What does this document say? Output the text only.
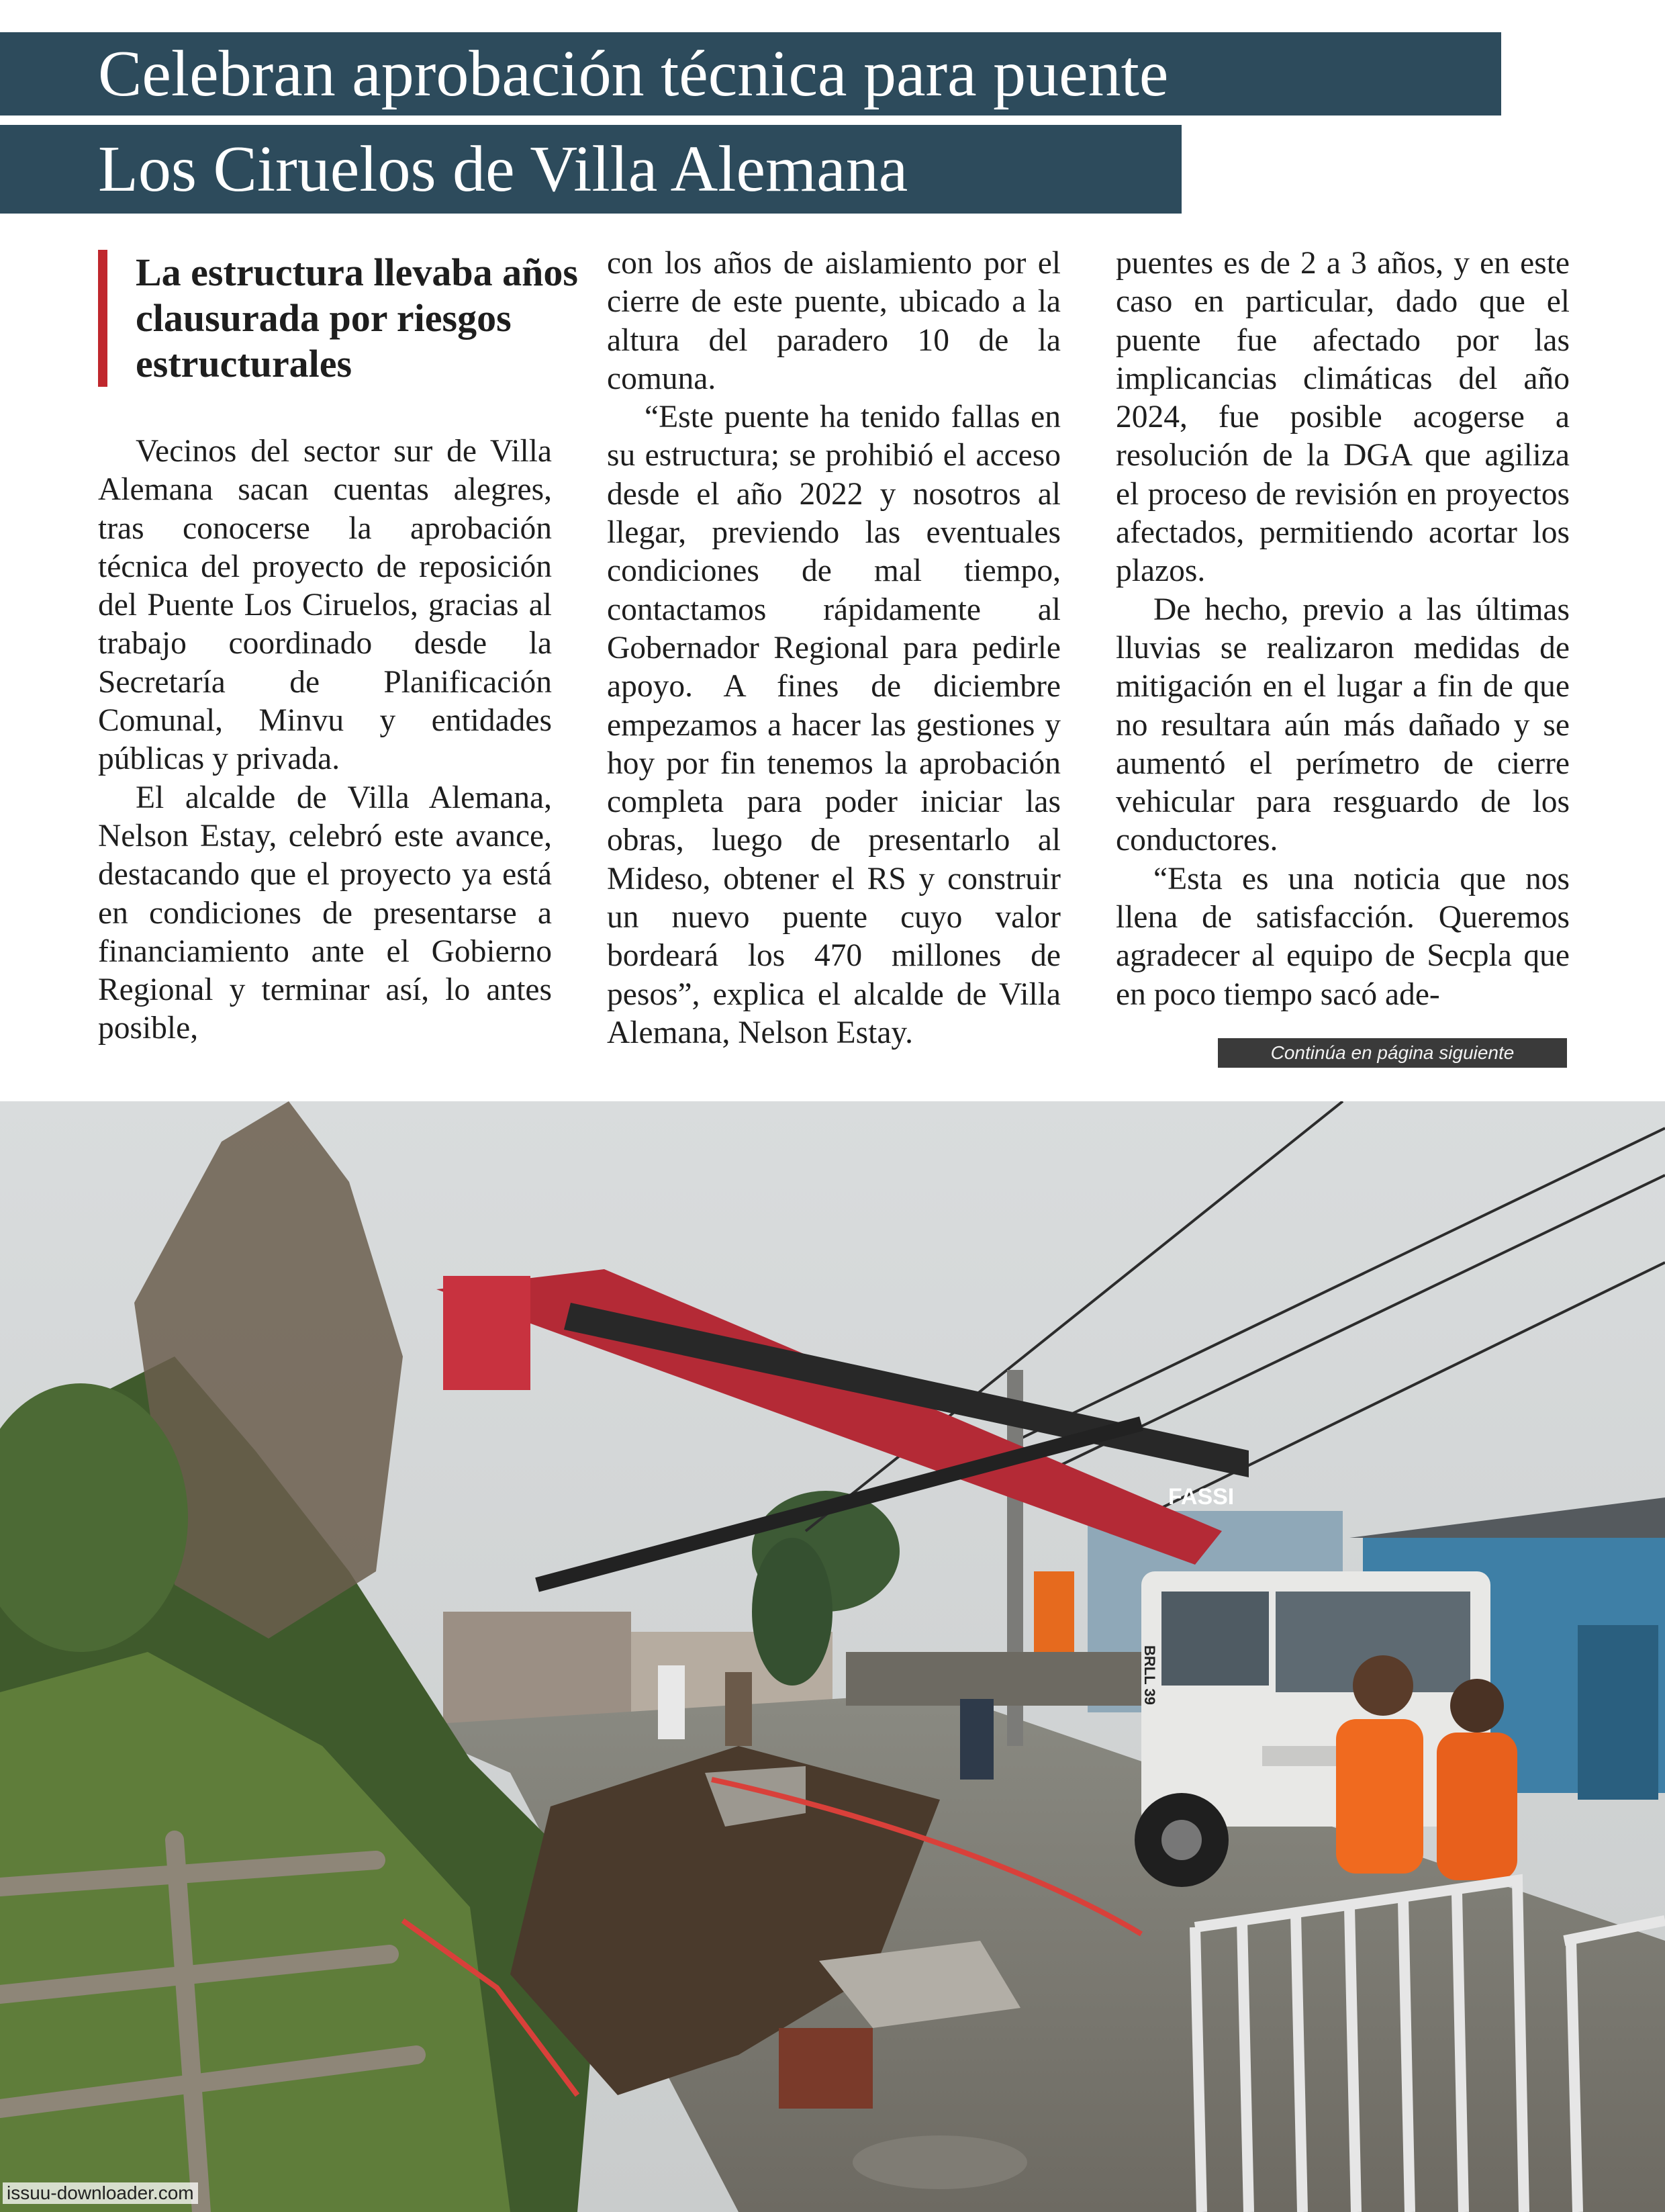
Celebran aprobación técnica para puente
Los Ciruelos de Villa Alemana
La estructura llevaba años clausurada por riesgos estructurales

Vecinos del sector sur de Villa Alemana sacan cuentas alegres, tras conocerse la aprobación técnica del proyecto de reposición del Puente Los Ciruelos, gracias al trabajo coordinado desde la Secretaría de Planificación Comunal, Minvu y entidades públicas y privada.

El alcalde de Villa Alemana, Nelson Estay, celebró este avance, destacando que el proyecto ya está en condiciones de presentarse a financiamiento ante el Gobierno Regional y terminar así, lo antes posible,

con los años de aislamiento por el cierre de este puente, ubicado a la altura del paradero 10 de la comuna.

“Este puente ha tenido fallas en su estructura; se prohibió el acceso desde el año 2022 y nosotros al llegar, previendo las eventuales condiciones de mal tiempo, contactamos rápidamente al Gobernador Regional para pedirle apoyo. A fines de diciembre empezamos a hacer las gestiones y hoy por fin tenemos la aprobación completa para poder iniciar las obras, luego de presentarlo al Mideso, obtener el RS y construir un nuevo puente cuyo valor bordeará los 470 millones de pesos”, explica el alcalde de Villa Alemana, Nelson Estay.

puentes es de 2 a 3 años, y en este caso en particular, dado que el puente fue afectado por las implicancias climáticas del año 2024, fue posible acogerse a resolución de la DGA que agiliza el proceso de revisión en proyectos afectados, permitiendo acortar los plazos.

De hecho, previo a las últimas lluvias se realizaron medidas de mitigación en el lugar a fin de que no resultara aún más dañado y se aumentó el perímetro de cierre vehicular para resguardo de los conductores.

“Esta es una noticia que nos llena de satisfacción. Queremos agradecer al equipo de Secpla que en poco tiempo sacó ade-

Continúa en página siguiente
FASSI
BRLL 39
issuu-downloader.com
